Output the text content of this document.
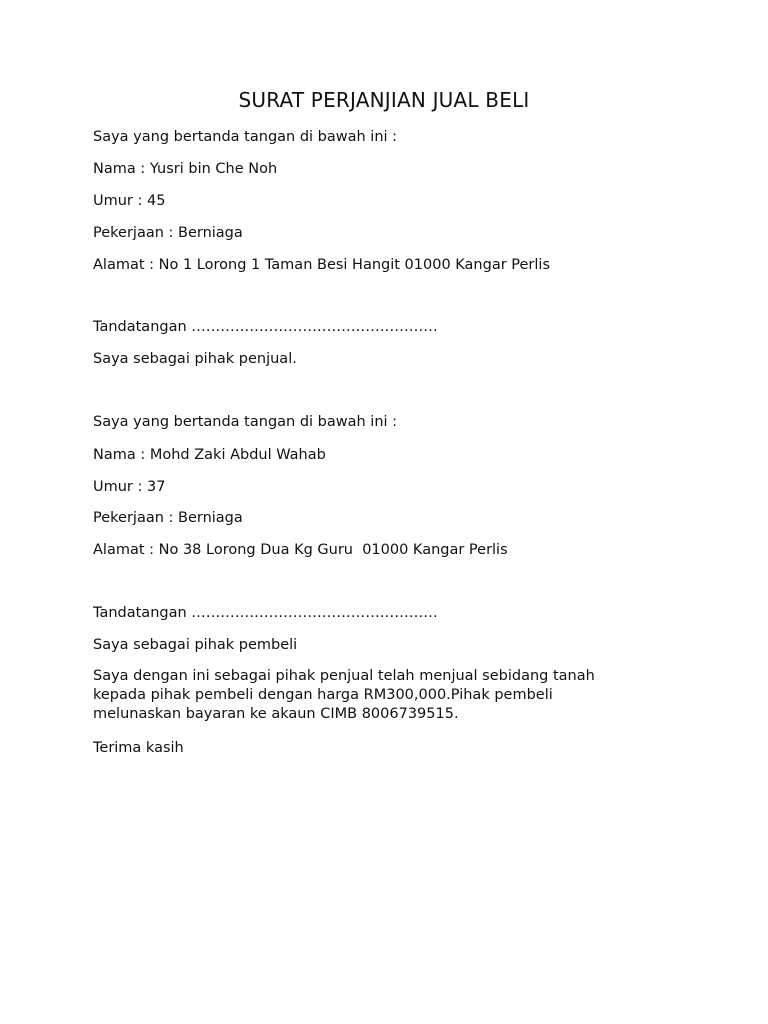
SURAT PERJANJIAN JUAL BELI
Saya yang bertanda tangan di bawah ini :
Nama : Yusri bin Che Noh
Umur : 45
Pekerjaan : Berniaga
Alamat : No 1 Lorong 1 Taman Besi Hangit 01000 Kangar Perlis
Tandatangan ……………………………………………
Saya sebagai pihak penjual.
Saya yang bertanda tangan di bawah ini :
Nama : Mohd Zaki Abdul Wahab
Umur : 37
Pekerjaan : Berniaga
Alamat : No 38 Lorong Dua Kg Guru  01000 Kangar Perlis
Tandatangan ……………………………………………
Saya sebagai pihak pembeli
Saya dengan ini sebagai pihak penjual telah menjual sebidang tanah
kepada pihak pembeli dengan harga RM300,000.Pihak pembeli
melunaskan bayaran ke akaun CIMB 8006739515.
Terima kasih
